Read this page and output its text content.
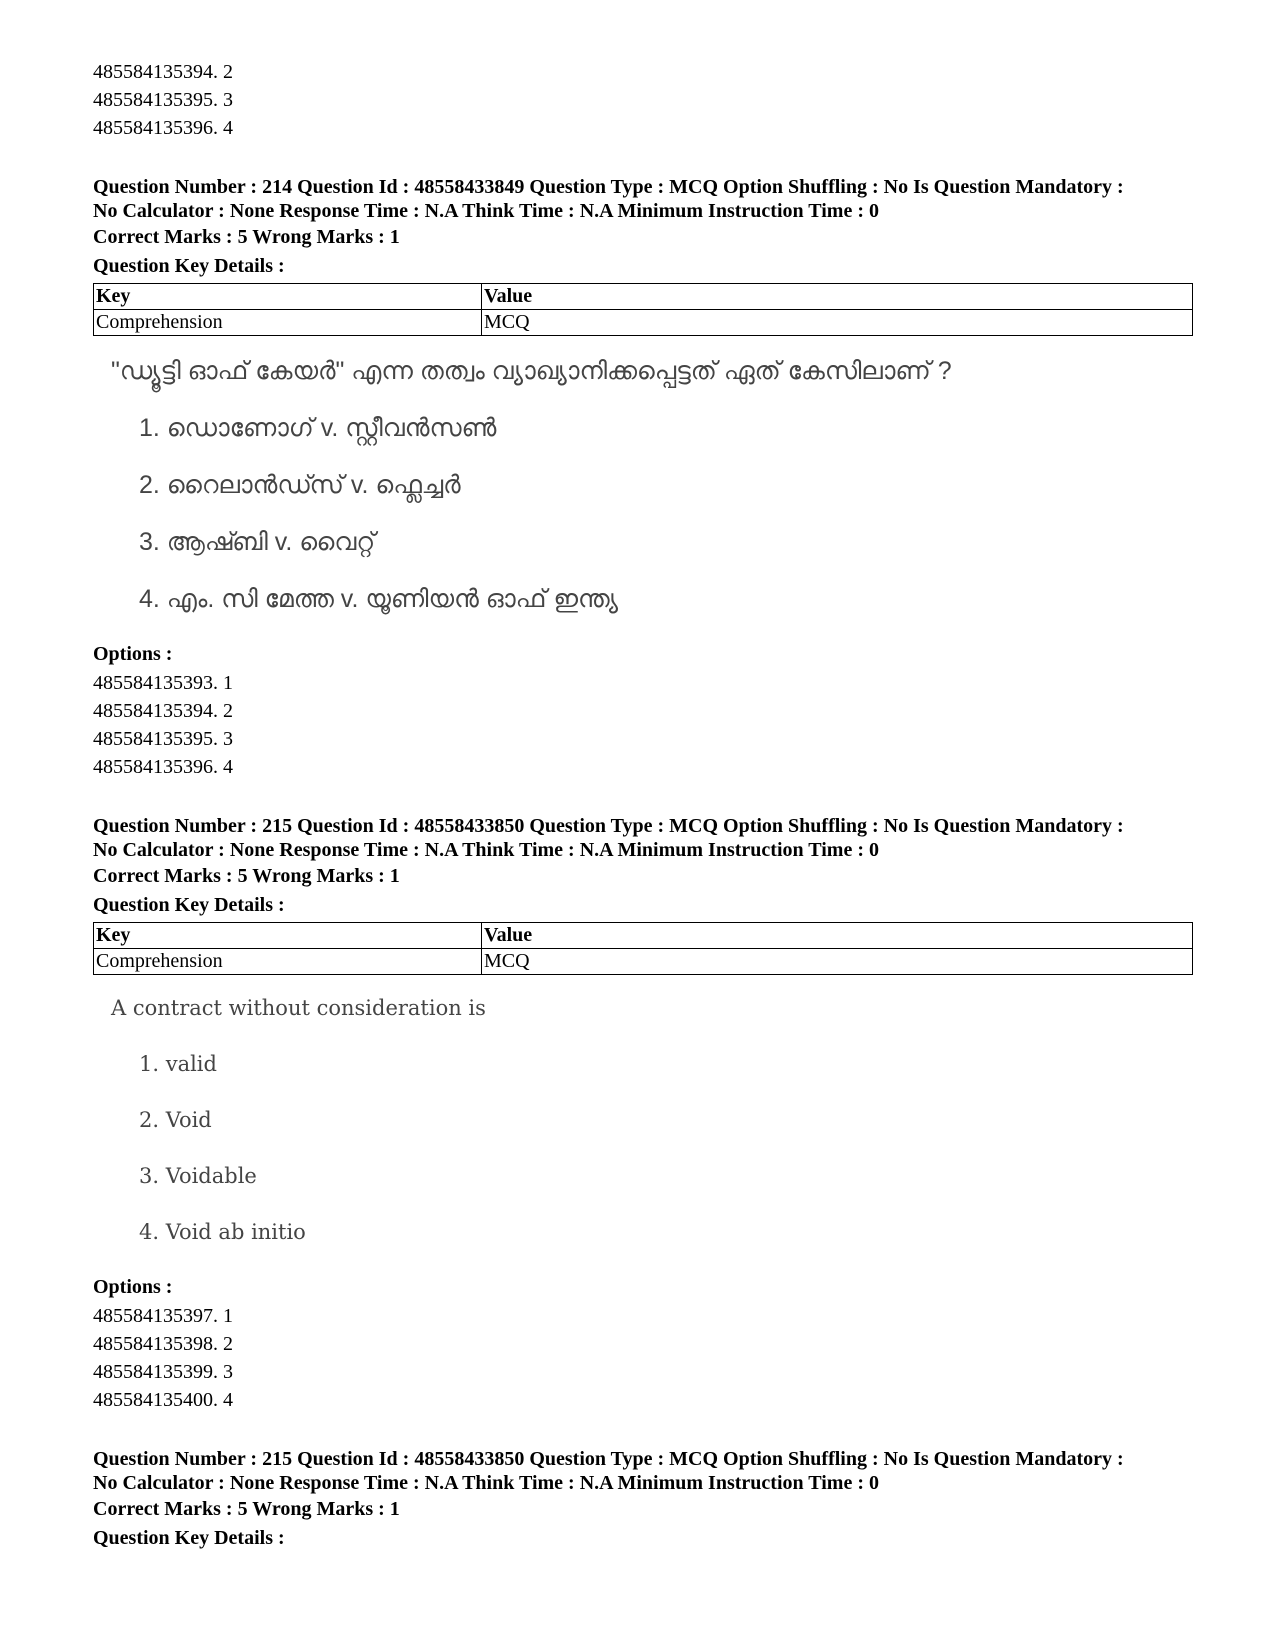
485584135394. 2
485584135395. 3
485584135396. 4
Question Number : 214 Question Id : 48558433849 Question Type : MCQ Option Shuffling : No Is Question Mandatory :
No Calculator : None Response Time : N.A Think Time : N.A Minimum Instruction Time : 0
Correct Marks : 5 Wrong Marks : 1
Question Key Details :
Key	Value
Comprehension	MCQ
"ഡ്യൂട്ടി ഓഫ് കേയർ" എന്ന തത്വം വ്യാഖ്യാനിക്കപ്പെട്ടത് ഏത് കേസിലാണ് ?
1. ഡൊണോഗ് v. സ്റ്റീവൻസൺ
2. റൈലാൻഡ്സ് v. ഫ്ലെച്ചർ
3. ആഷ്ബി v. വൈറ്റ്
4. എം. സി മേത്ത v. യൂണിയൻ ഓഫ് ഇന്ത്യ
Options :
485584135393. 1
485584135394. 2
485584135395. 3
485584135396. 4
Question Number : 215 Question Id : 48558433850 Question Type : MCQ Option Shuffling : No Is Question Mandatory :
No Calculator : None Response Time : N.A Think Time : N.A Minimum Instruction Time : 0
Correct Marks : 5 Wrong Marks : 1
Question Key Details :
Key	Value
Comprehension	MCQ
A contract without consideration is
1. valid
2. Void
3. Voidable
4. Void ab initio
Options :
485584135397. 1
485584135398. 2
485584135399. 3
485584135400. 4
Question Number : 215 Question Id : 48558433850 Question Type : MCQ Option Shuffling : No Is Question Mandatory :
No Calculator : None Response Time : N.A Think Time : N.A Minimum Instruction Time : 0
Correct Marks : 5 Wrong Marks : 1
Question Key Details :
